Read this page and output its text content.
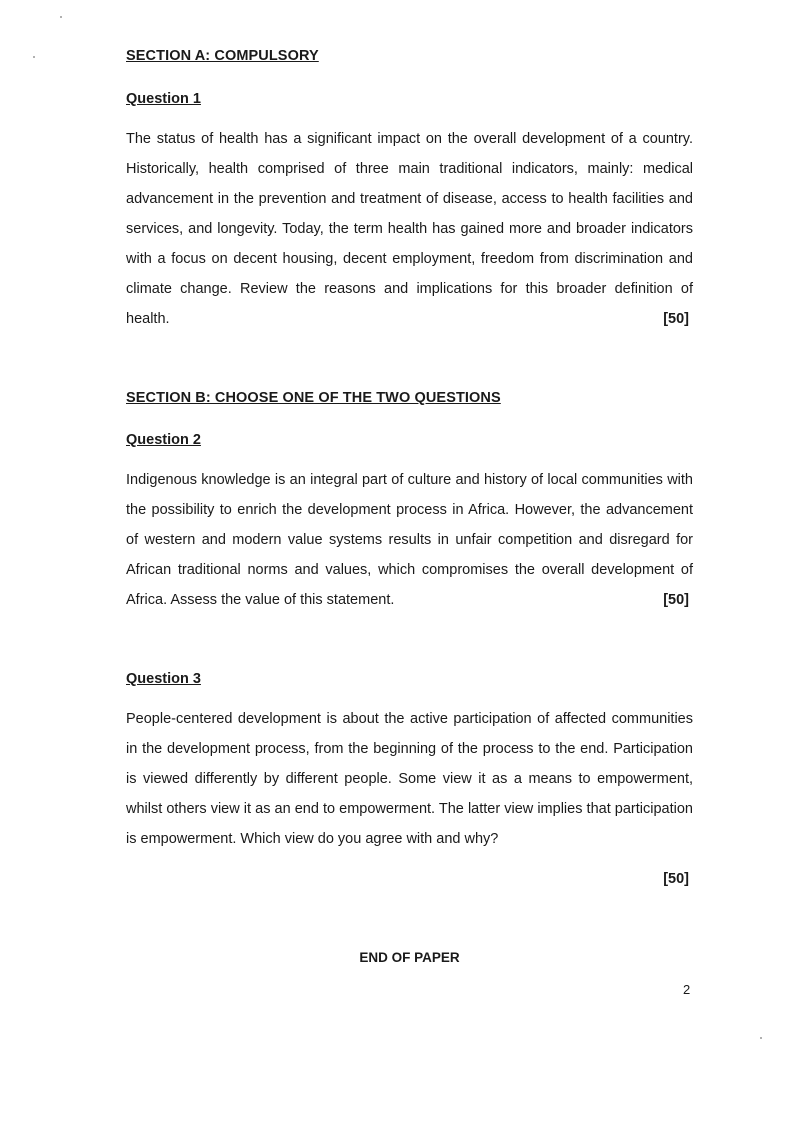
SECTION A: COMPULSORY
Question 1
The status of health has a significant impact on the overall development of a country. Historically, health comprised of three main traditional indicators, mainly: medical advancement in the prevention and treatment of disease, access to health facilities and services, and longevity. Today, the term health has gained more and broader indicators with a focus on decent housing, decent employment, freedom from discrimination and climate change. Review the reasons and implications for this broader definition of health.	[50]
SECTION B: CHOOSE ONE OF THE TWO QUESTIONS
Question 2
Indigenous knowledge is an integral part of culture and history of local communities with the possibility to enrich the development process in Africa. However, the advancement of western and modern value systems results in unfair competition and disregard for African traditional norms and values, which compromises the overall development of Africa. Assess the value of this statement.	[50]
Question 3
People-centered development is about the active participation of affected communities in the development process, from the beginning of the process to the end. Participation is viewed differently by different people. Some view it as a means to empowerment, whilst others view it as an end to empowerment. The latter view implies that participation is empowerment. Which view do you agree with and why?
[50]
END OF PAPER
2
